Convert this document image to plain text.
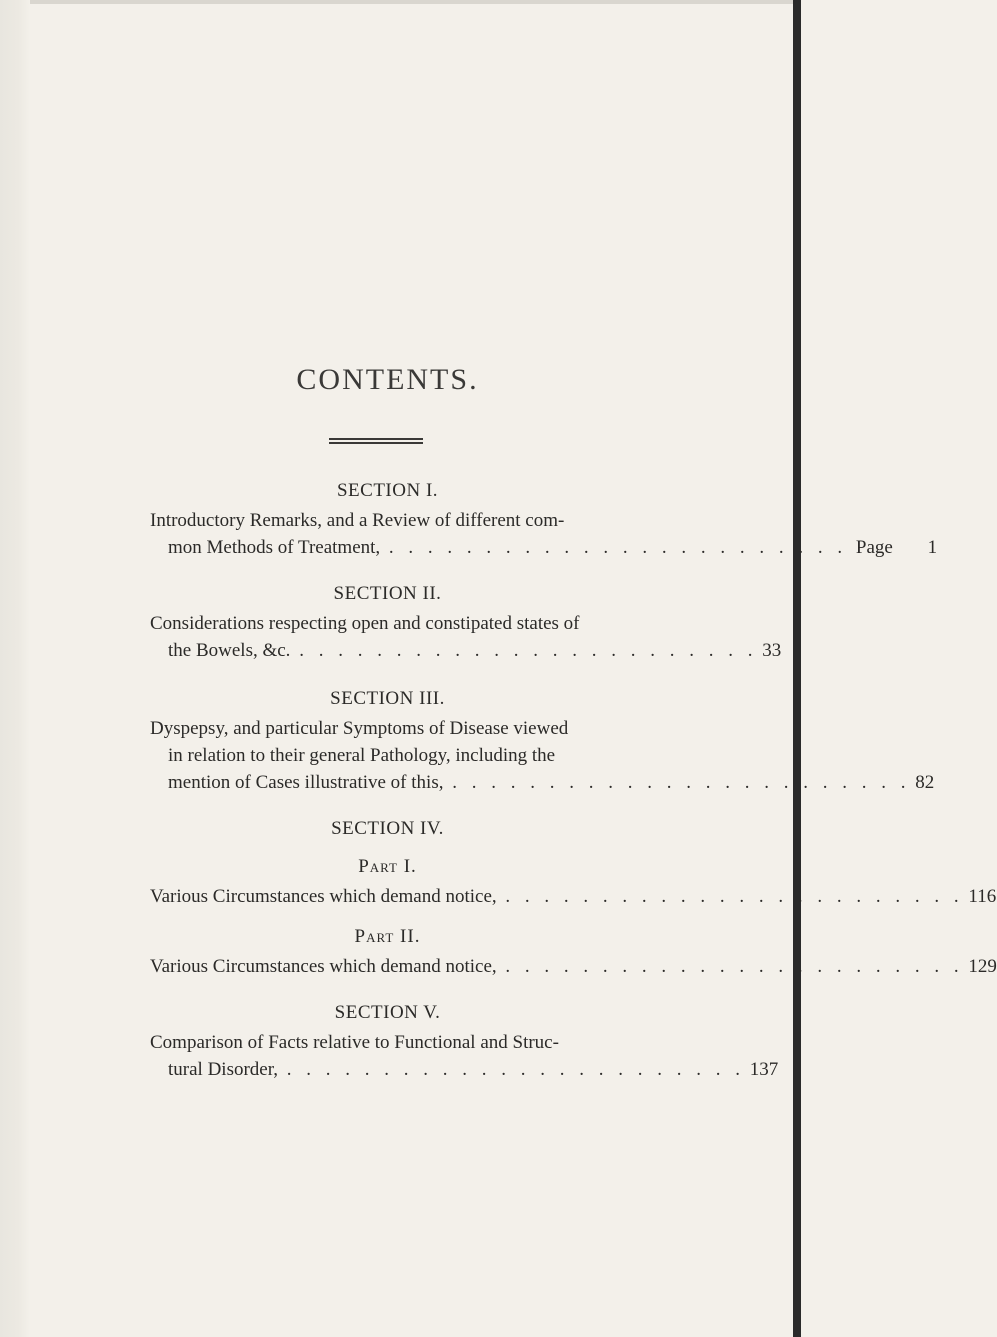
CONTENTS.
SECTION I.
Introductory Remarks, and a Review of different com-
mon Methods of Treatment, . . . . . . . . . . . . . . . . . . . . . . . . Page 1
SECTION II.
Considerations respecting open and constipated states of
the Bowels, &c. . . . . . . . . . . . . . . . . . . . . . . . . 33
SECTION III.
Dyspepsy, and particular Symptoms of Disease viewed
in relation to their general Pathology, including the
mention of Cases illustrative of this, . . . . . . . . . . . . . . . . . . . . . . . . 82
SECTION IV.
Part I.
Various Circumstances which demand notice, . . . . . . . . . . . . . . . . . . . . . . . . 116
Part II.
Various Circumstances which demand notice, . . . . . . . . . . . . . . . . . . . . . . . . 129
SECTION V.
Comparison of Facts relative to Functional and Struc-
tural Disorder, . . . . . . . . . . . . . . . . . . . . . . . . 137
